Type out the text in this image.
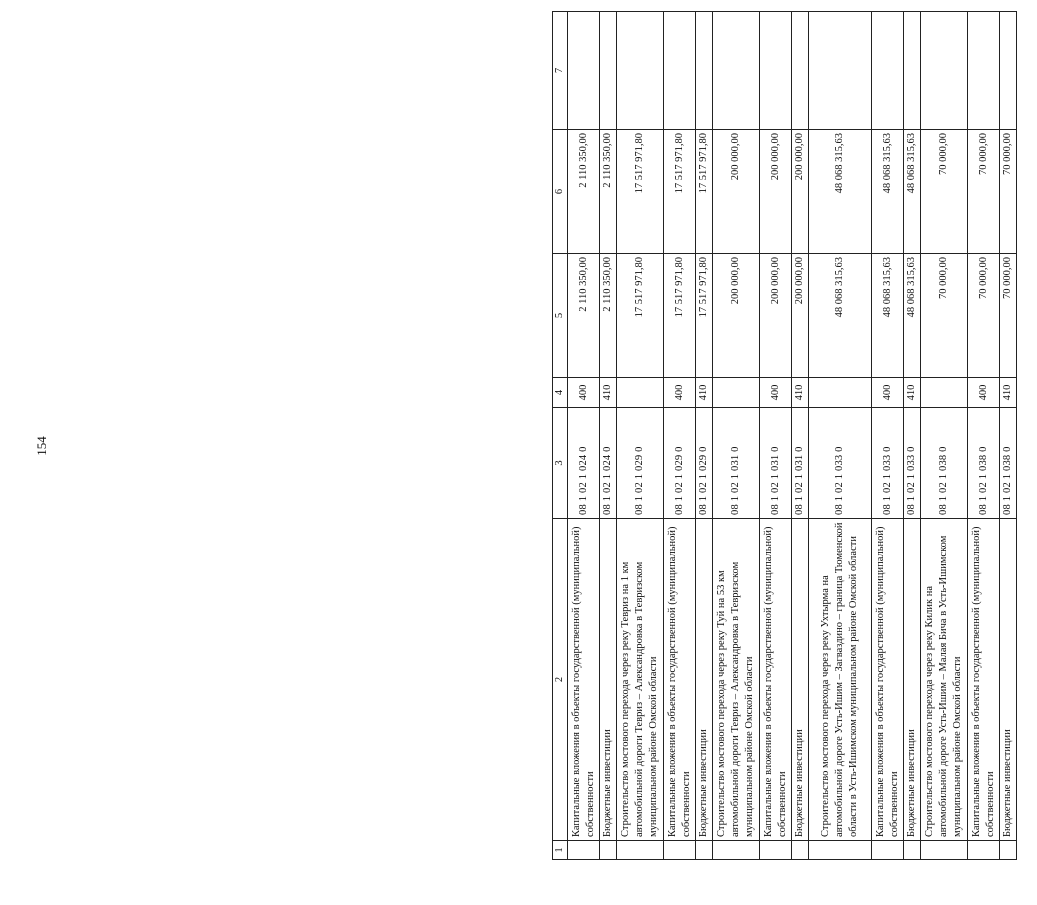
154
1	2	3	4	5	6	7
	Капитальные вложения в объекты государственной (муниципальной) собственности	08 1 02 1 024 0	400	2 110 350,00	2 110 350,00	
	Бюджетные инвестиции	08 1 02 1 024 0	410	2 110 350,00	2 110 350,00	
	Строительство мостового перехода через реку Тевриз на 1 км автомобильной дороги Тевриз – Александровка в Тевризском муниципальном районе Омской области	08 1 02 1 029 0		17 517 971,80	17 517 971,80	
	Капитальные вложения в объекты государственной (муниципальной) собственности	08 1 02 1 029 0	400	17 517 971,80	17 517 971,80	
	Бюджетные инвестиции	08 1 02 1 029 0	410	17 517 971,80	17 517 971,80	
	Строительство мостового перехода через реку Туй на 53 км автомобильной дороги Тевриз – Александровка в Тевризском муниципальном районе Омской области	08 1 02 1 031 0		200 000,00	200 000,00	
	Капитальные вложения в объекты государственной (муниципальной) собственности	08 1 02 1 031 0	400	200 000,00	200 000,00	
	Бюджетные инвестиции	08 1 02 1 031 0	410	200 000,00	200 000,00	
	Строительство мостового перехода через реку Ухтырма на автомобильной дороге Усть-Ишим – Загваздино – граница Тюменской области в Усть-Ишимском муниципальном районе Омской области	08 1 02 1 033 0		48 068 315,63	48 068 315,63	
	Капитальные вложения в объекты государственной (муниципальной) собственности	08 1 02 1 033 0	400	48 068 315,63	48 068 315,63	
	Бюджетные инвестиции	08 1 02 1 033 0	410	48 068 315,63	48 068 315,63	
	Строительство мостового перехода через реку Килик на автомобильной дороге Усть-Ишим – Малая Бича в Усть-Ишимском муниципальном районе Омской области	08 1 02 1 038 0		70 000,00	70 000,00	
	Капитальные вложения в объекты государственной (муниципальной) собственности	08 1 02 1 038 0	400	70 000,00	70 000,00	
	Бюджетные инвестиции	08 1 02 1 038 0	410	70 000,00	70 000,00	
